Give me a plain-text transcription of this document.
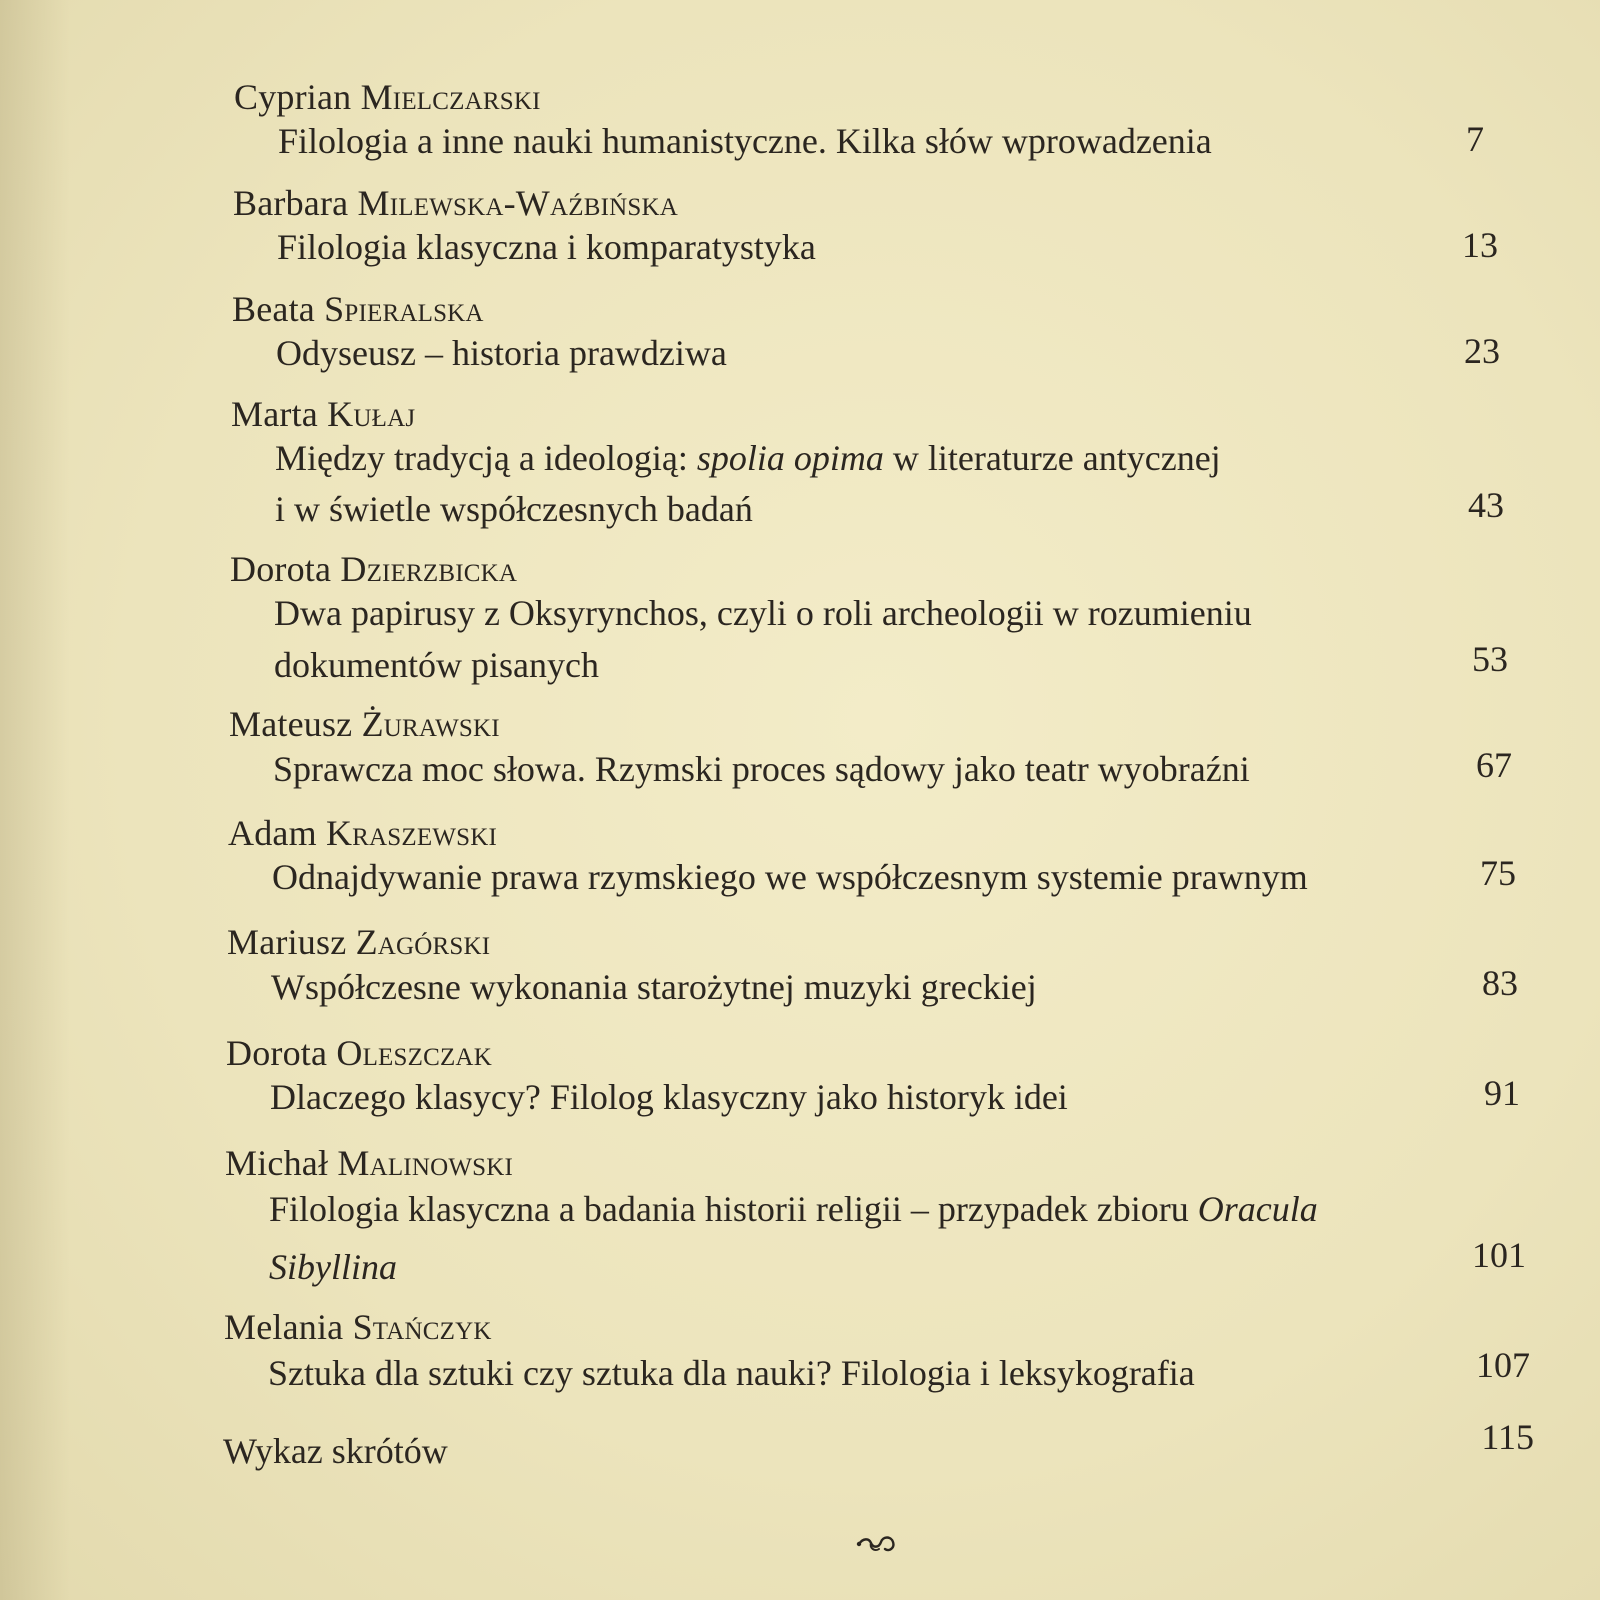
Cyprian Mielczarski
Filologia a inne nauki humanistyczne. Kilka słów wprowadzenia	7
Barbara Milewska-Waźbińska
Filologia klasyczna i komparatystyka	13
Beata Spieralska
Odyseusz – historia prawdziwa	23
Marta Kułaj
Między tradycją a ideologią: spolia opima w literaturze antycznej
i w świetle współczesnych badań	43
Dorota Dzierzbicka
Dwa papirusy z Oksyrynchos, czyli o roli archeologii w rozumieniu
dokumentów pisanych	53
Mateusz Żurawski
Sprawcza moc słowa. Rzymski proces sądowy jako teatr wyobraźni	67
Adam Kraszewski
Odnajdywanie prawa rzymskiego we współczesnym systemie prawnym	75
Mariusz Zagórski
Współczesne wykonania starożytnej muzyki greckiej	83
Dorota Oleszczak
Dlaczego klasycy? Filolog klasyczny jako historyk idei	91
Michał Malinowski
Filologia klasyczna a badania historii religii – przypadek zbioru Oracula
Sibyllina	101
Melania Stańczyk
Sztuka dla sztuki czy sztuka dla nauki? Filologia i leksykografia	107
Wykaz skrótów	115
